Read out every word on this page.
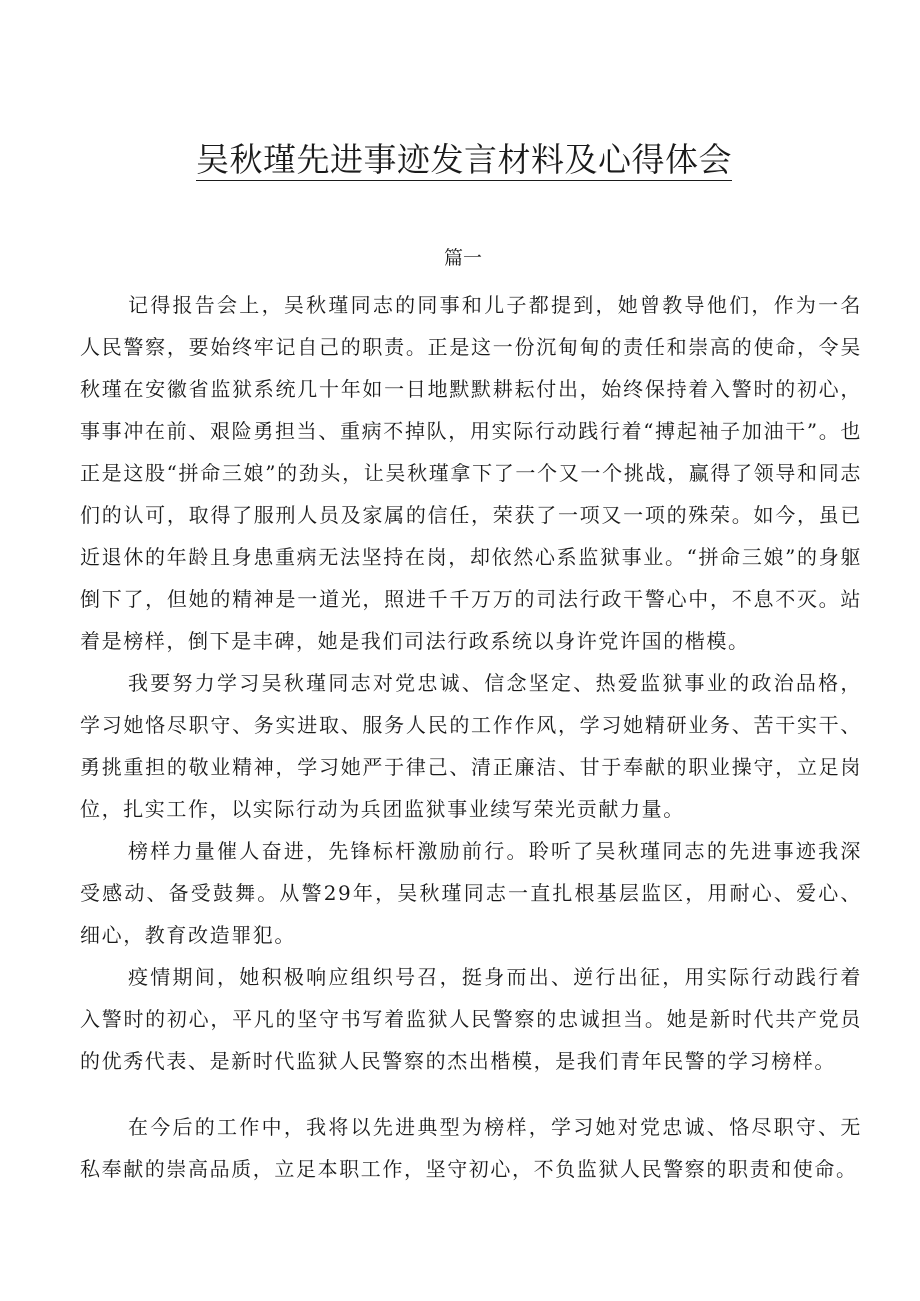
吴秋瑾先进事迹发言材料及心得体会
篇一

记得报告会上，吴秋瑾同志的同事和儿子都提到，她曾教导他们，作为一名人民警察，要始终牢记自己的职责。正是这一份沉甸甸的责任和崇高的使命，令吴秋瑾在安徽省监狱系统几十年如一日地默默耕耘付出，始终保持着入警时的初心，事事冲在前、艰险勇担当、重病不掉队，用实际行动践行着“搏起袖子加油干”。也正是这股“拼命三娘”的劲头，让吴秋瑾拿下了一个又一个挑战，赢得了领导和同志们的认可，取得了服刑人员及家属的信任，荣获了一项又一项的殊荣。如今，虽已近退休的年龄且身患重病无法坚持在岗，却依然心系监狱事业。“拼命三娘”的身躯倒下了，但她的精神是一道光，照进千千万万的司法行政干警心中，不息不灭。站着是榜样，倒下是丰碑，她是我们司法行政系统以身许党许国的楷模。

我要努力学习吴秋瑾同志对党忠诚、信念坚定、热爱监狱事业的政治品格，学习她恪尽职守、务实进取、服务人民的工作作风，学习她精研业务、苦干实干、勇挑重担的敬业精神，学习她严于律己、清正廉洁、甘于奉献的职业操守，立足岗位，扎实工作，以实际行动为兵团监狱事业续写荣光贡献力量。

榜样力量催人奋进，先锋标杆激励前行。聆听了吴秋瑾同志的先进事迹我深受感动、备受鼓舞。从警29年，吴秋瑾同志一直扎根基层监区，用耐心、爱心、细心，教育改造罪犯。

疫情期间，她积极响应组织号召，挺身而出、逆行出征，用实际行动践行着入警时的初心，平凡的坚守书写着监狱人民警察的忠诚担当。她是新时代共产党员的优秀代表、是新时代监狱人民警察的杰出楷模，是我们青年民警的学习榜样。

在今后的工作中，我将以先进典型为榜样，学习她对党忠诚、恪尽职守、无私奉献的崇高品质，立足本职工作，坚守初心，不负监狱人民警察的职责和使命。
